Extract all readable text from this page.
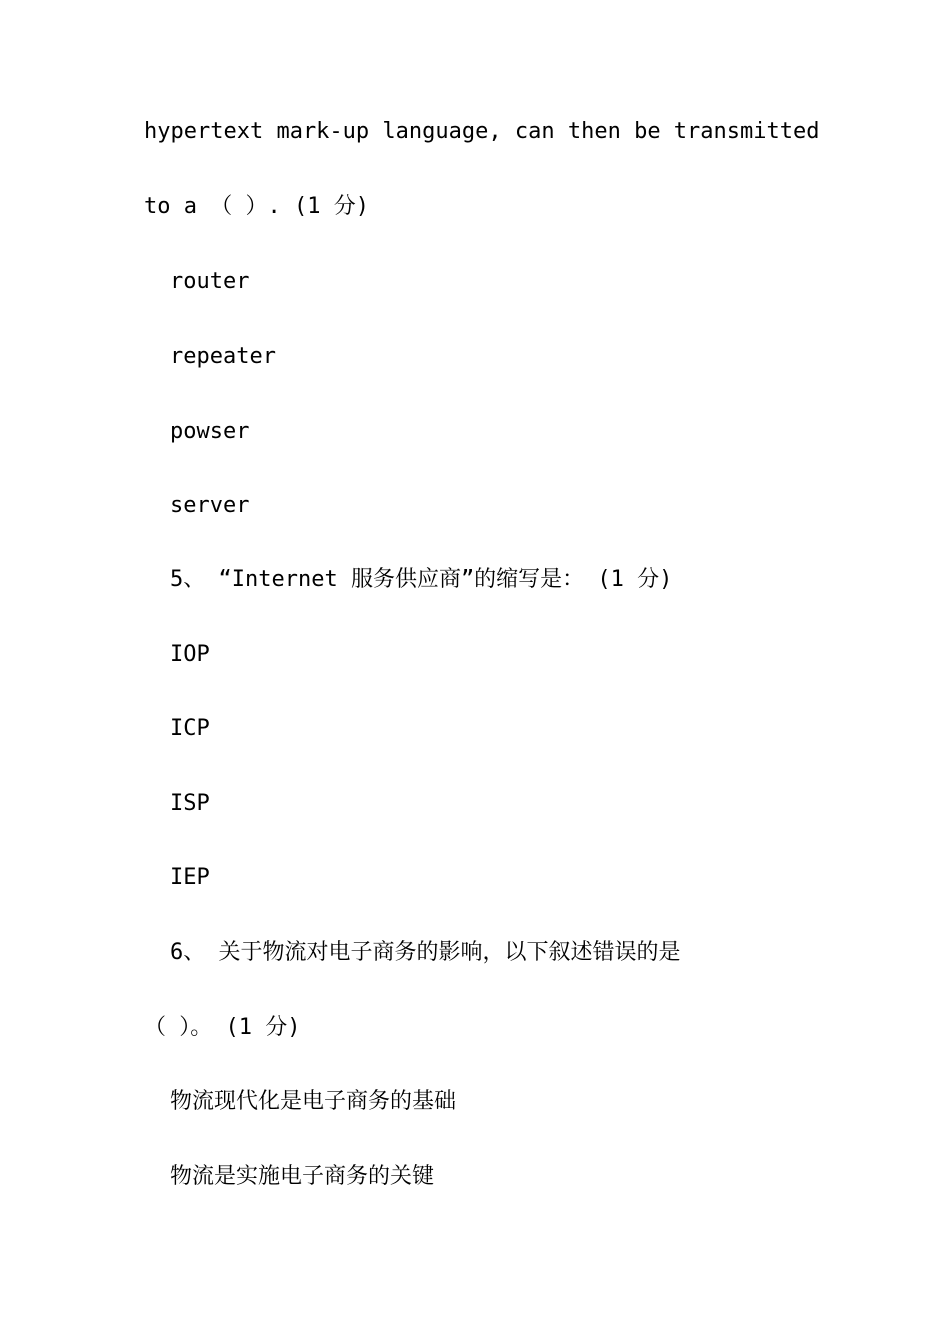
hypertext mark-up language, can then be transmitted
to a （ ）. (1 分)
router
repeater
powser
server
5、 “Internet 服务供应商”的缩写是： (1 分)
IOP
ICP
ISP
IEP
6、 关于物流对电子商务的影响，以下叙述错误的是
（ ）。 (1 分)
物流现代化是电子商务的基础
物流是实施电子商务的关键
